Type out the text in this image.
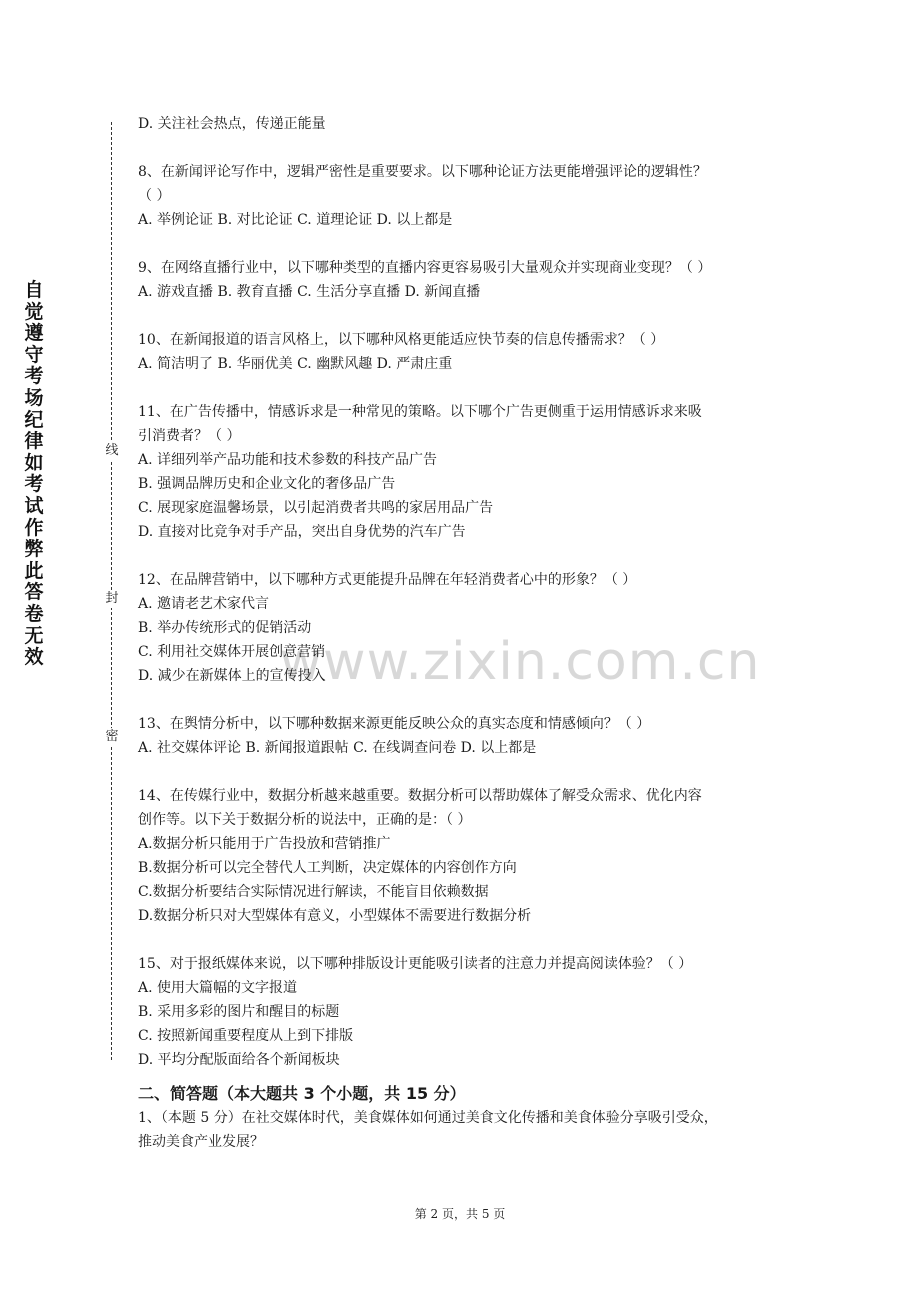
自觉遵守考场纪律如考试作弊此答卷无效
线
封
密
www.zixin.com.cn
D. 关注社会热点，传递正能量
8、在新闻评论写作中，逻辑严密性是重要要求。以下哪种论证方法更能增强评论的逻辑性？
（ ）
A. 举例论证 B. 对比论证 C. 道理论证 D. 以上都是
9、在网络直播行业中，以下哪种类型的直播内容更容易吸引大量观众并实现商业变现？（ ）
A. 游戏直播 B. 教育直播 C. 生活分享直播 D. 新闻直播
10、在新闻报道的语言风格上，以下哪种风格更能适应快节奏的信息传播需求？（ ）
A. 简洁明了 B. 华丽优美 C. 幽默风趣 D. 严肃庄重
11、在广告传播中，情感诉求是一种常见的策略。以下哪个广告更侧重于运用情感诉求来吸
引消费者？（ ）
A. 详细列举产品功能和技术参数的科技产品广告
B. 强调品牌历史和企业文化的奢侈品广告
C. 展现家庭温馨场景，以引起消费者共鸣的家居用品广告
D. 直接对比竞争对手产品，突出自身优势的汽车广告
12、在品牌营销中，以下哪种方式更能提升品牌在年轻消费者心中的形象？（ ）
A. 邀请老艺术家代言
B. 举办传统形式的促销活动
C. 利用社交媒体开展创意营销
D. 减少在新媒体上的宣传投入
13、在舆情分析中，以下哪种数据来源更能反映公众的真实态度和情感倾向？（ ）
A. 社交媒体评论 B. 新闻报道跟帖 C. 在线调查问卷 D. 以上都是
14、在传媒行业中，数据分析越来越重要。数据分析可以帮助媒体了解受众需求、优化内容
创作等。以下关于数据分析的说法中，正确的是：（ ）
A.数据分析只能用于广告投放和营销推广
B.数据分析可以完全替代人工判断，决定媒体的内容创作方向
C.数据分析要结合实际情况进行解读，不能盲目依赖数据
D.数据分析只对大型媒体有意义，小型媒体不需要进行数据分析
15、对于报纸媒体来说，以下哪种排版设计更能吸引读者的注意力并提高阅读体验？（ ）
A. 使用大篇幅的文字报道
B. 采用多彩的图片和醒目的标题
C. 按照新闻重要程度从上到下排版
D. 平均分配版面给各个新闻板块
二、简答题（本大题共 3 个小题，共 15 分）
1、（本题 5 分）在社交媒体时代，美食媒体如何通过美食文化传播和美食体验分享吸引受众，
推动美食产业发展？
第 2 页，共 5 页
